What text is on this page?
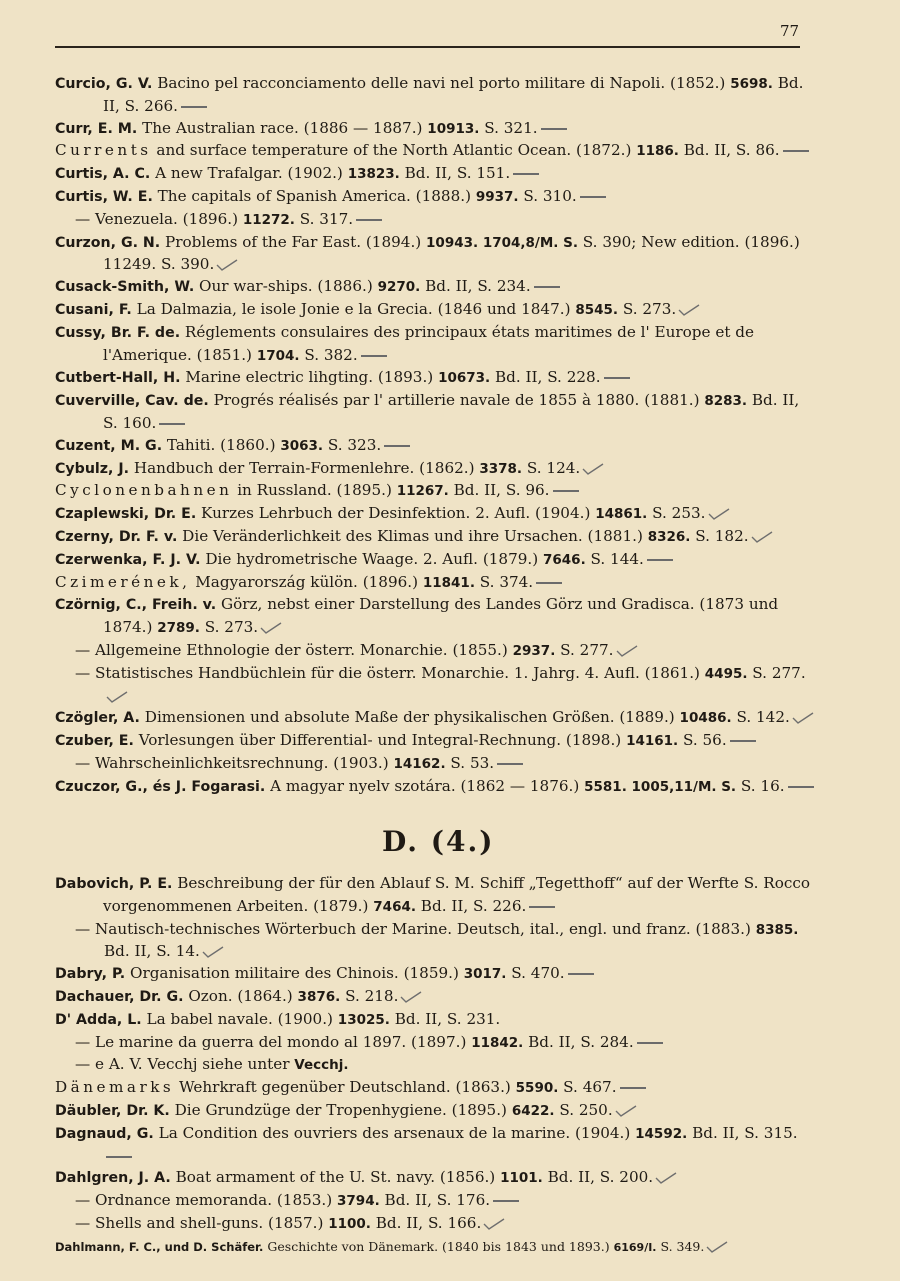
77
Curcio, G. V. Bacino pel racconciamento delle navi nel porto militare di Napoli. (1852.) 5698. Bd. II, S. 266.
Curr, E. M. The Australian race. (1886 — 1887.) 10913. S. 321.
Currents and surface temperature of the North Atlantic Ocean. (1872.) 1186. Bd. II, S. 86.
Curtis, A. C. A new Trafalgar. (1902.) 13823. Bd. II, S. 151.
Curtis, W. E. The capitals of Spanish America. (1888.) 9937. S. 310.
— Venezuela. (1896.) 11272. S. 317.
Curzon, G. N. Problems of the Far East. (1894.) 10943. 1704,8/M. S. S. 390; New edition. (1896.) 11249. S. 390.
Cusack-Smith, W. Our war-ships. (1886.) 9270. Bd. II, S. 234.
Cusani, F. La Dalmazia, le isole Jonie e la Grecia. (1846 und 1847.) 8545. S. 273.
Cussy, Br. F. de. Réglements consulaires des principaux états maritimes de l' Europe et de l'Amerique. (1851.) 1704. S. 382.
Cutbert-Hall, H. Marine electric lihgting. (1893.) 10673. Bd. II, S. 228.
Cuverville, Cav. de. Progrés réalisés par l' artillerie navale de 1855 à 1880. (1881.) 8283. Bd. II, S. 160.
Cuzent, M. G. Tahiti. (1860.) 3063. S. 323.
Cybulz, J. Handbuch der Terrain-Formenlehre. (1862.) 3378. S. 124.
Cyclonenbahnen in Russland. (1895.) 11267. Bd. II, S. 96.
Czaplewski, Dr. E. Kurzes Lehrbuch der Desinfektion. 2. Aufl. (1904.) 14861. S. 253.
Czerny, Dr. F. v. Die Veränderlichkeit des Klimas und ihre Ursachen. (1881.) 8326. S. 182.
Czerwenka, F. J. V. Die hydrometrische Waage. 2. Aufl. (1879.) 7646. S. 144.
Czimerének, Magyarország külön. (1896.) 11841. S. 374.
Czörnig, C., Freih. v. Görz, nebst einer Darstellung des Landes Görz und Gradisca. (1873 und 1874.) 2789. S. 273.
— Allgemeine Ethnologie der österr. Monarchie. (1855.) 2937. S. 277.
— Statistisches Handbüchlein für die österr. Monarchie. 1. Jahrg. 4. Aufl. (1861.) 4495. S. 277.
Czögler, A. Dimensionen und absolute Maße der physikalischen Größen. (1889.) 10486. S. 142.
Czuber, E. Vorlesungen über Differential- und Integral-Rechnung. (1898.) 14161. S. 56.
— Wahrscheinlichkeitsrechnung. (1903.) 14162. S. 53.
Czuczor, G., és J. Fogarasi. A magyar nyelv szotára. (1862 — 1876.) 5581. 1005,11/M. S. S. 16.
D. (4.)
Dabovich, P. E. Beschreibung der für den Ablauf S. M. Schiff „Tegetthoff“ auf der Werfte S. Rocco vorgenommenen Arbeiten. (1879.) 7464. Bd. II, S. 226.
— Nautisch-technisches Wörterbuch der Marine. Deutsch, ital., engl. und franz. (1883.) 8385. Bd. II, S. 14.
Dabry, P. Organisation militaire des Chinois. (1859.) 3017. S. 470.
Dachauer, Dr. G. Ozon. (1864.) 3876. S. 218.
D' Adda, L. La babel navale. (1900.) 13025. Bd. II, S. 231.
— Le marine da guerra del mondo al 1897. (1897.) 11842. Bd. II, S. 284.
— e A. V. Vecchj siehe unter Vecchj.
Dänemarks Wehrkraft gegenüber Deutschland. (1863.) 5590. S. 467.
Däubler, Dr. K. Die Grundzüge der Tropenhygiene. (1895.) 6422. S. 250.
Dagnaud, G. La Condition des ouvriers des arsenaux de la marine. (1904.) 14592. Bd. II, S. 315.
Dahlgren, J. A. Boat armament of the U. St. navy. (1856.) 1101. Bd. II, S. 200.
— Ordnance memoranda. (1853.) 3794. Bd. II, S. 176.
— Shells and shell-guns. (1857.) 1100. Bd. II, S. 166.
Dahlmann, F. C., und D. Schäfer. Geschichte von Dänemark. (1840 bis 1843 und 1893.) 6169/I. S. 349.
